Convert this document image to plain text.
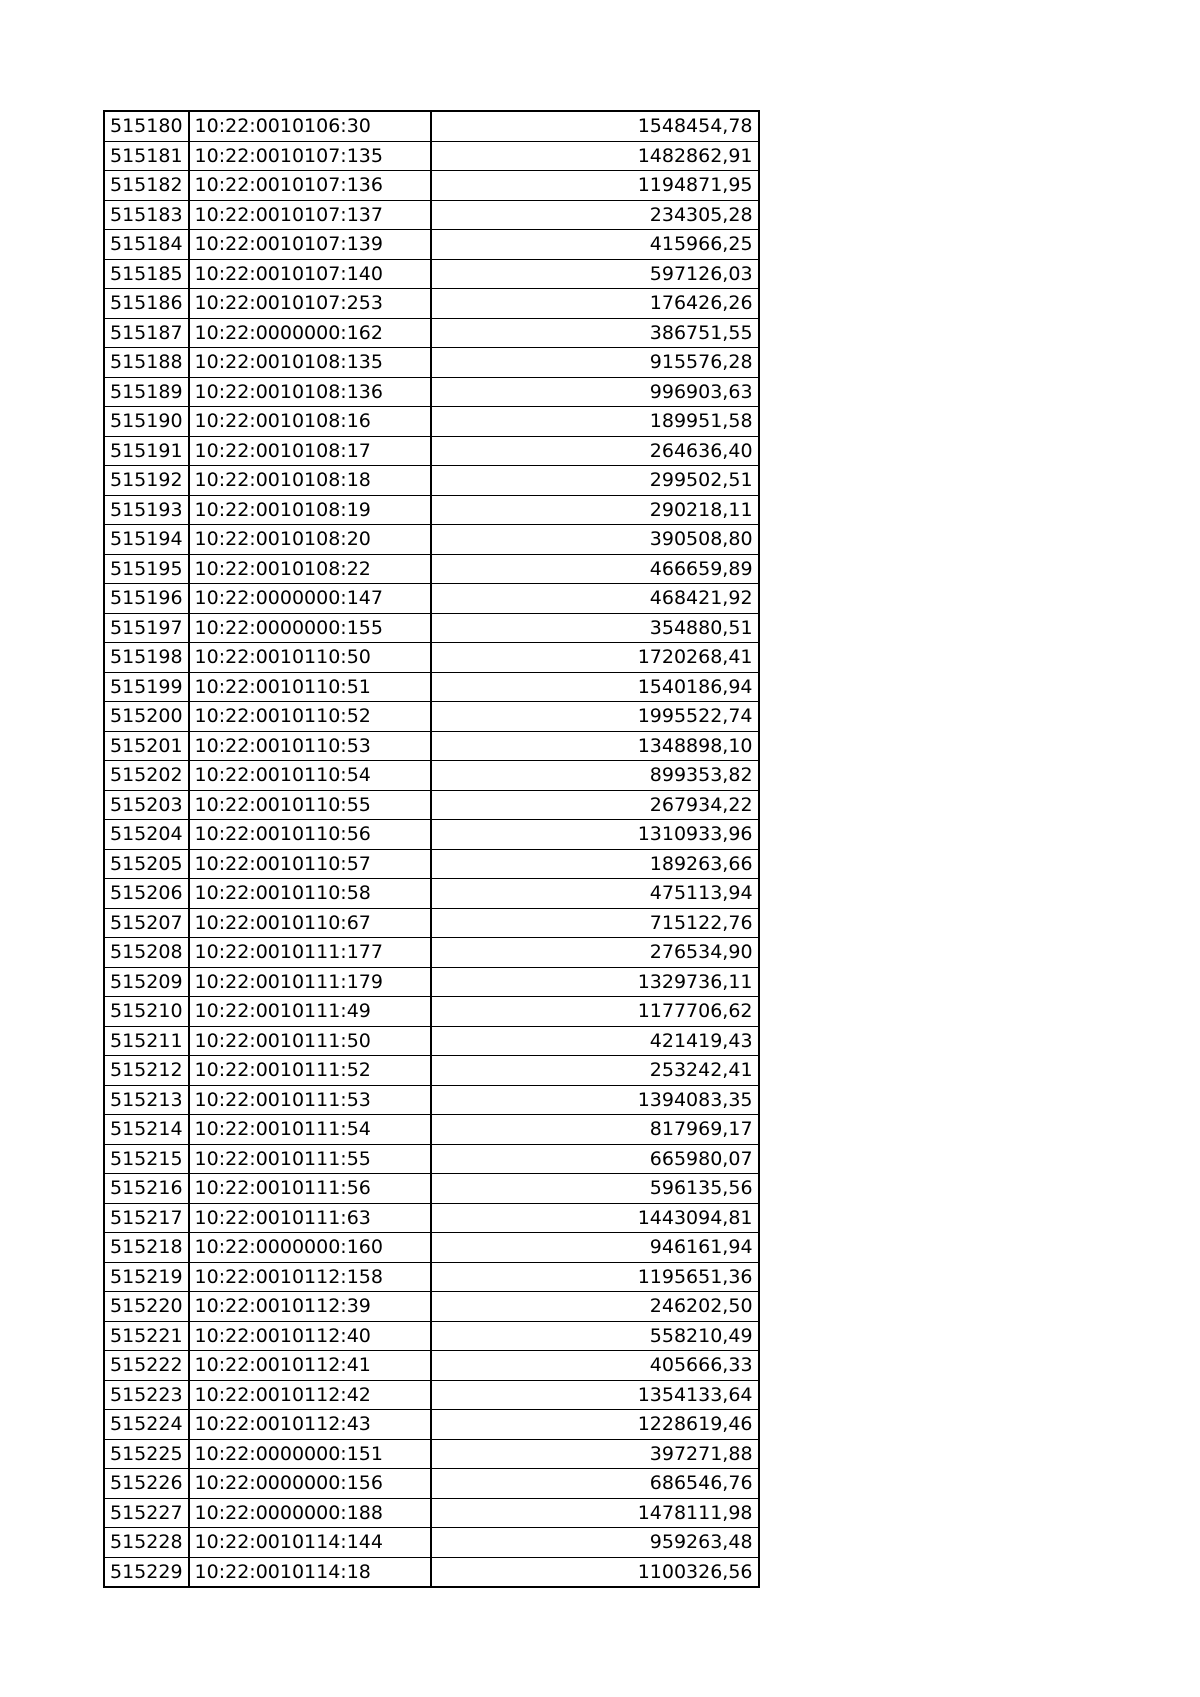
515180	10:22:0010106:30	1548454,78
515181	10:22:0010107:135	1482862,91
515182	10:22:0010107:136	1194871,95
515183	10:22:0010107:137	234305,28
515184	10:22:0010107:139	415966,25
515185	10:22:0010107:140	597126,03
515186	10:22:0010107:253	176426,26
515187	10:22:0000000:162	386751,55
515188	10:22:0010108:135	915576,28
515189	10:22:0010108:136	996903,63
515190	10:22:0010108:16	189951,58
515191	10:22:0010108:17	264636,40
515192	10:22:0010108:18	299502,51
515193	10:22:0010108:19	290218,11
515194	10:22:0010108:20	390508,80
515195	10:22:0010108:22	466659,89
515196	10:22:0000000:147	468421,92
515197	10:22:0000000:155	354880,51
515198	10:22:0010110:50	1720268,41
515199	10:22:0010110:51	1540186,94
515200	10:22:0010110:52	1995522,74
515201	10:22:0010110:53	1348898,10
515202	10:22:0010110:54	899353,82
515203	10:22:0010110:55	267934,22
515204	10:22:0010110:56	1310933,96
515205	10:22:0010110:57	189263,66
515206	10:22:0010110:58	475113,94
515207	10:22:0010110:67	715122,76
515208	10:22:0010111:177	276534,90
515209	10:22:0010111:179	1329736,11
515210	10:22:0010111:49	1177706,62
515211	10:22:0010111:50	421419,43
515212	10:22:0010111:52	253242,41
515213	10:22:0010111:53	1394083,35
515214	10:22:0010111:54	817969,17
515215	10:22:0010111:55	665980,07
515216	10:22:0010111:56	596135,56
515217	10:22:0010111:63	1443094,81
515218	10:22:0000000:160	946161,94
515219	10:22:0010112:158	1195651,36
515220	10:22:0010112:39	246202,50
515221	10:22:0010112:40	558210,49
515222	10:22:0010112:41	405666,33
515223	10:22:0010112:42	1354133,64
515224	10:22:0010112:43	1228619,46
515225	10:22:0000000:151	397271,88
515226	10:22:0000000:156	686546,76
515227	10:22:0000000:188	1478111,98
515228	10:22:0010114:144	959263,48
515229	10:22:0010114:18	1100326,56
